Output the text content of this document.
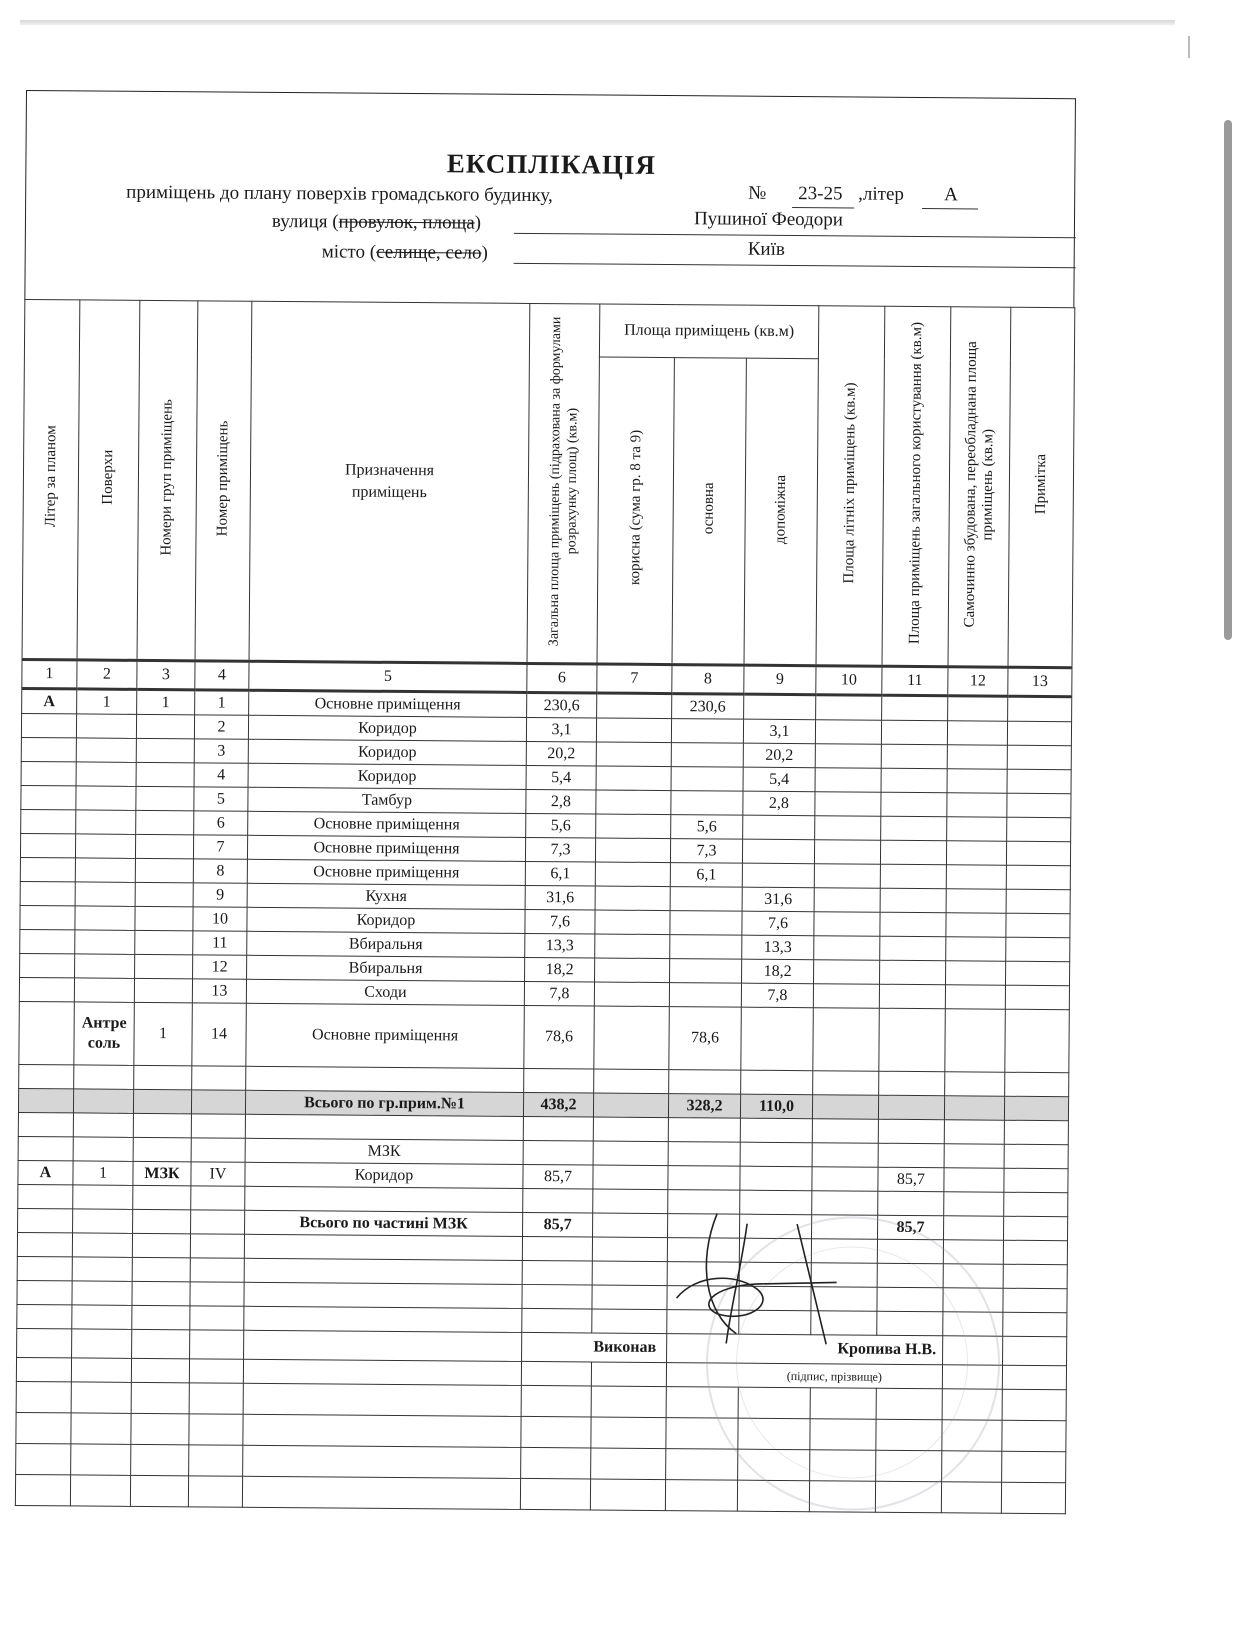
ЕКСПЛІКАЦІЯ
приміщень до плану поверхів громадського будинку,	№ 23-25 ,літер А
вулиця (провулок, площа)	Пушиної Феодори
місто (селище, село)	Київ
Літер за планом	Поверхи	Номери груп приміщень	Номер приміщень	Призначення приміщень	Загальна площа приміщень (підрахована за формулами розрахунку площ) (кв.м)	Площа приміщень (кв.м)			Площа літніх приміщень (кв.м)	Площа приміщень загального користування (кв.м)	Самочинно збудована, переобладнана площа приміщень (кв.м)	Примітка
						корисна (сума гр. 8 та 9)	основна	допоміжна				
1	2	3	4	5	6	7	8	9	10	11	12	13
А	1	1	1	Основне приміщення	230,6		230,6					
			2	Коридор	3,1			3,1				
			3	Коридор	20,2			20,2				
			4	Коридор	5,4			5,4				
			5	Тамбур	2,8			2,8				
			6	Основне приміщення	5,6		5,6					
			7	Основне приміщення	7,3		7,3					
			8	Основне приміщення	6,1		6,1					
			9	Кухня	31,6			31,6				
			10	Коридор	7,6			7,6				
			11	Вбиральня	13,3			13,3				
			12	Вбиральня	18,2			18,2				
			13	Сходи	7,8			7,8				
	Антре
соль	1	14	Основне приміщення	78,6		78,6					

				Всього по гр.прим.№1	438,2		328,2	110,0				

				МЗК								
А	1	МЗК	IV	Коридор	85,7					85,7		

				Всього по частині МЗК	85,7					85,7		

					Виконав		Кропива Н.В.					
							(підпис, прізвище)					
